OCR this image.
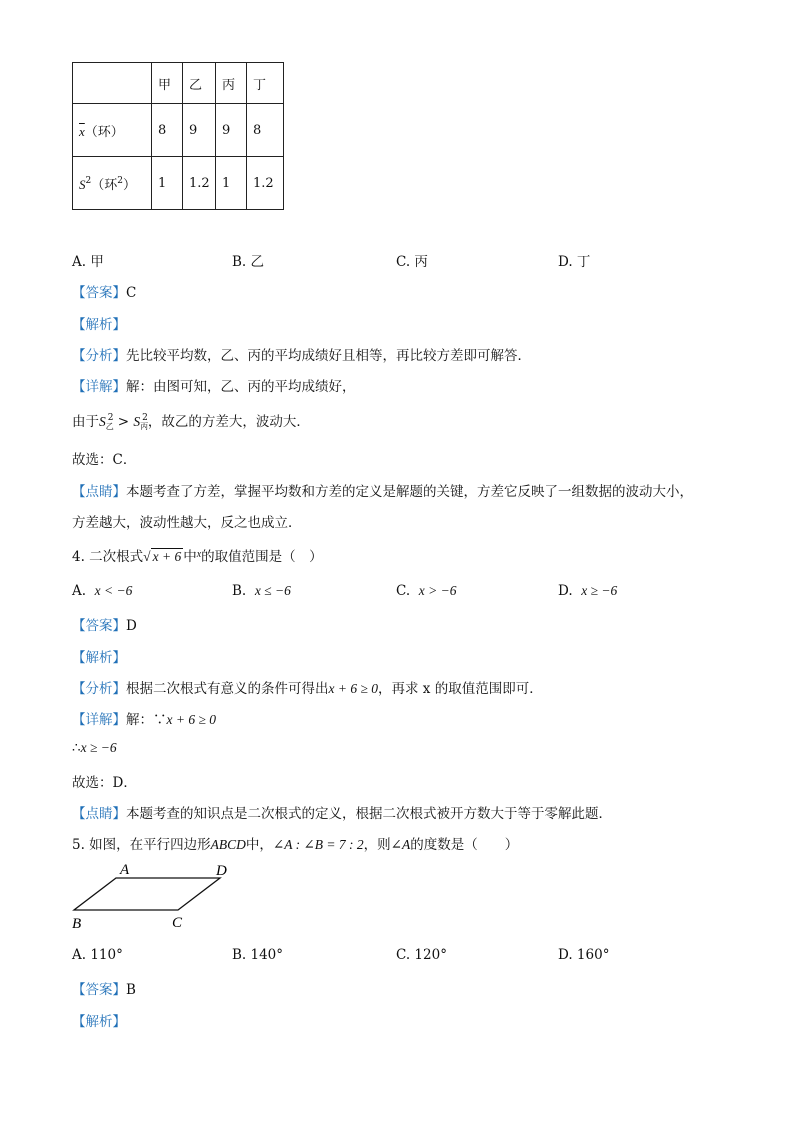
	甲	乙	丙	丁
$\overline{x}$（环）	8	9	9	8
$S^2$（环$^2$）	1	1.2	1	1.2
A. 甲	B. 乙	C. 丙	D. 丁
【答案】C
【解析】
【分析】先比较平均数，乙、丙的平均成绩好且相等，再比较方差即可解答．
【详解】解：由图可知，乙、丙的平均成绩好，
由于$S_乙^2 > S_丙^2$，故乙的方差大，波动大．
故选：C．
【点睛】本题考查了方差，掌握平均数和方差的定义是解题的关键，方差它反映了一组数据的波动大小，
方差越大，波动性越大，反之也成立．
4. 二次根式√ x + 6 中$^x$的取值范围是（　）
A. x < −6	B. x ≤ −6	C. x > −6	D. x ≥ −6
【答案】D
【解析】
【分析】根据二次根式有意义的条件可得出x + 6 ≥ 0，再求 x 的取值范围即可．
【详解】解：∵x + 6 ≥ 0
∴x ≥ −6
故选：D．
【点睛】本题考查的知识点是二次根式的定义，根据二次根式被开方数大于等于零解此题．
5. 如图，在平行四边形ABCD中，∠A : ∠B = 7 : 2，则∠A的度数是（　　）
A	D
B	C
A. 110°	B. 140°	C. 120°	D. 160°
【答案】B
【解析】
